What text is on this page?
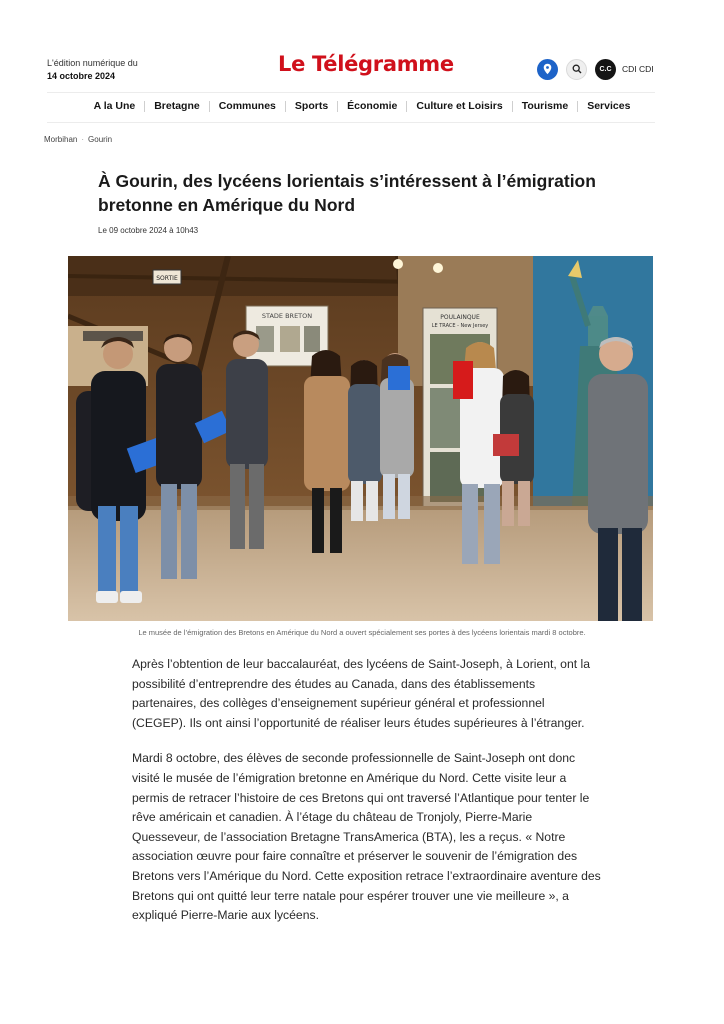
L'édition numérique du
14 octobre 2024	Le Télégramme	C.C	CDI CDI
A la Une	Bretagne	Communes	Sports	Économie	Culture et Loisirs	Tourisme	Services
Morbihan · Gourin
À Gourin, des lycéens lorientais s’intéressent à l’émigration bretonne en Amérique du Nord
Le 09 octobre 2024 à 10h43
SORTIE
STADE BRETON	POULAINQUE
LE TRACE - New Jersey
Le musée de l’émigration des Bretons en Amérique du Nord a ouvert spécialement ses portes à des lycéens lorientais mardi 8 octobre.

Après l’obtention de leur baccalauréat, des lycéens de Saint-Joseph, à Lorient, ont la possibilité d’entreprendre des études au Canada, dans des établissements partenaires, des collèges d’enseignement supérieur général et professionnel (CEGEP). Ils ont ainsi l’opportunité de réaliser leurs études supérieures à l’étranger.

Mardi 8 octobre, des élèves de seconde professionnelle de Saint-Joseph ont donc visité le musée de l’émigration bretonne en Amérique du Nord. Cette visite leur a permis de retracer l’histoire de ces Bretons qui ont traversé l’Atlantique pour tenter le rêve américain et canadien. À l’étage du château de Tronjoly, Pierre-Marie Quesseveur, de l’association Bretagne TransAmerica (BTA), les a reçus. « Notre association œuvre pour faire connaître et préserver le souvenir de l’émigration des Bretons vers l’Amérique du Nord. Cette exposition retrace l’extraordinaire aventure des Bretons qui ont quitté leur terre natale pour espérer trouver une vie meilleure », a expliqué Pierre-Marie aux lycéens.
